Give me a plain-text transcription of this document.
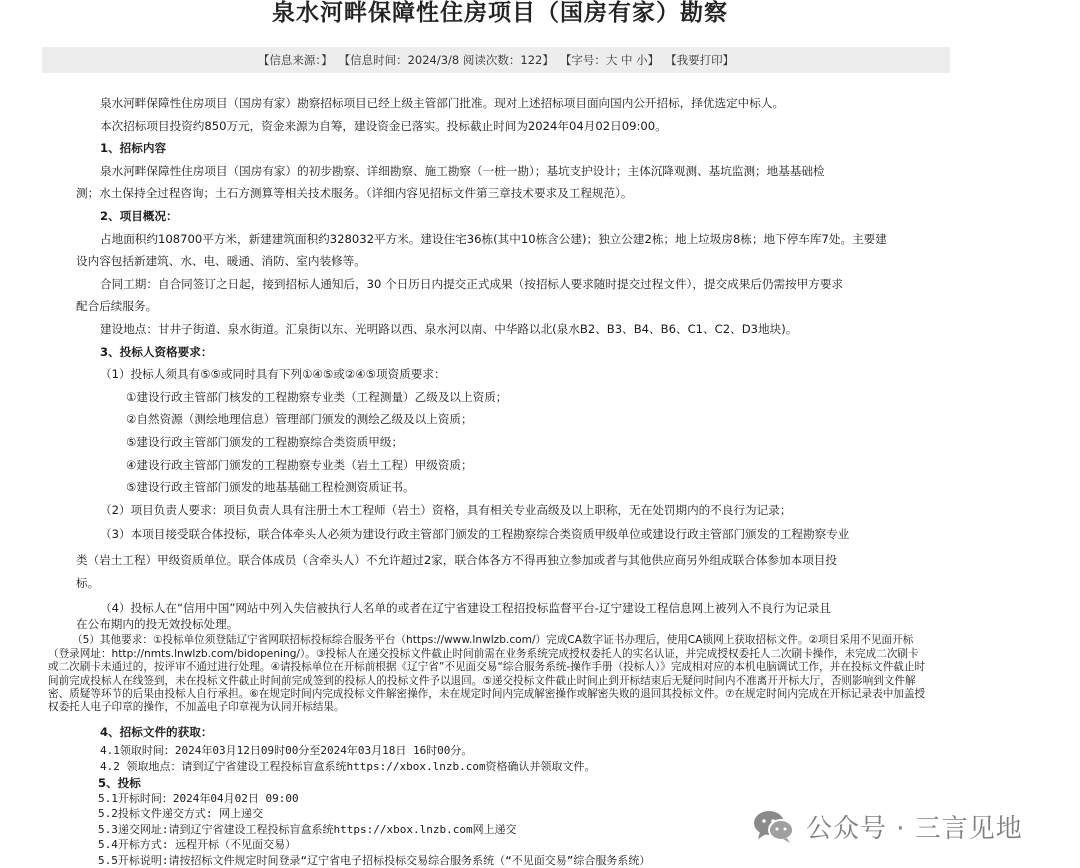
泉水河畔保障性住房项目（国房有家）勘察
【信息来源：】 【信息时间：2024/3/8 阅读次数：122】 【字号：大 中 小】 【我要打印】

泉水河畔保障性住房项目（国房有家）勘察招标项目已经上级主管部门批准。现对上述招标项目面向国内公开招标，择优选定中标人。

本次招标项目投资约850万元，资金来源为自筹，建设资金已落实。投标截止时间为2024年04月02日09:00。

1、招标内容

泉水河畔保障性住房项目（国房有家）的初步勘察、详细勘察、施工勘察（一桩一勘）；基坑支护设计；主体沉降观测、基坑监测；地基基础检

测；水土保持全过程咨询；土石方测算等相关技术服务。（详细内容见招标文件第三章技术要求及工程规范）。

2、项目概况：

占地面积约108700平方米，新建建筑面积约328032平方米。建设住宅36栋(其中10栋含公建)；独立公建2栋；地上垃圾房8栋；地下停车库7处。主要建

设内容包括新建筑、水、电、暖通、消防、室内装修等。

合同工期：自合同签订之日起，接到招标人通知后，30 个日历日内提交正式成果（按招标人要求随时提交过程文件），提交成果后仍需按甲方要求

配合后续服务。

建设地点：甘井子街道、泉水街道。汇泉街以东、光明路以西、泉水河以南、中华路以北(泉水B2、B3、B4、B6、C1、C2、D3地块)。

3、投标人资格要求：

（1）投标人须具有⑤⑤或同时具有下列①④⑤或②④⑤项资质要求：

①建设行政主管部门核发的工程勘察专业类（工程测量）乙级及以上资质；

②自然资源（测绘地理信息）管理部门颁发的测绘乙级及以上资质；

⑤建设行政主管部门颁发的工程勘察综合类资质甲级；

④建设行政主管部门颁发的工程勘察专业类（岩土工程）甲级资质；

⑤建设行政主管部门颁发的地基基础工程检测资质证书。

（2）项目负责人要求：项目负责人具有注册土木工程师（岩土）资格，具有相关专业高级及以上职称，无在处罚期内的不良行为记录；

（3）本项目接受联合体投标，联合体牵头人必须为建设行政主管部门颁发的工程勘察综合类资质甲级单位或建设行政主管部门颁发的工程勘察专业

类（岩土工程）甲级资质单位。联合体成员（含牵头人）不允许超过2家，联合体各方不得再独立参加或者与其他供应商另外组成联合体参加本项目投

标。

（4）投标人在“信用中国”网站中列入失信被执行人名单的或者在辽宁省建设工程招投标监督平台-辽宁建设工程信息网上被列入不良行为记录且

在公布期内的投无效投标处理。

（5）其他要求：①投标单位须登陆辽宁省网联招标投标综合服务平台（https://www.lnwlzb.com/）完成CA数字证书办理后，使用CA锁网上获取招标文件。②项目采用不见面开标（登录网址：http://nmts.lnwlzb.com/bidopening/）。③投标人在递交投标文件截止时间前需在业务系统完成授权委托人的实名认证，并完成授权委托人二次刷卡操作，未完成二次刷卡或二次刷卡未通过的，按评审不通过进行处理。④请投标单位在开标前根据《辽宁省”不见面交易“综合服务系统-操作手册（投标人）》完成相对应的本机电脑调试工作，并在投标文件截止时间前完成投标人在线签到，未在投标文件截止时间前完成签到的投标人的投标文件予以退回。⑤递交投标文件截止时间止到开标结束后无疑问时间内不准离开开标大厅，否则影响到文件解密、质疑等环节的后果由投标人自行承担。⑥在规定时间内完成投标文件解密操作，未在规定时间内完成解密操作或解密失败的退回其投标文件。⑦在规定时间内完成在开标记录表中加盖授权委托人电子印章的操作，不加盖电子印章视为认同开标结果。

4、招标文件的获取：

4.1领取时间：2024年03月12日09时00分至2024年03月18日 16时00分。

4.2 领取地点：请到辽宁省建设工程投标盲盒系统https://xbox.lnzb.com资格确认并领取文件。

5、投标

5.1开标时间：2024年04月02日 09:00

5.2投标文件递交方式: 网上递交

5.3递交网址:请到辽宁省建设工程投标盲盒系统https://xbox.lnzb.com网上递交

5.4开标方式: 远程开标（不见面交易）

5.5开标说明:请按招标文件规定时间登录“辽宁省电子招标投标交易综合服务系统（“不见面交易”综合服务系统）

公众号 · 三言见地
